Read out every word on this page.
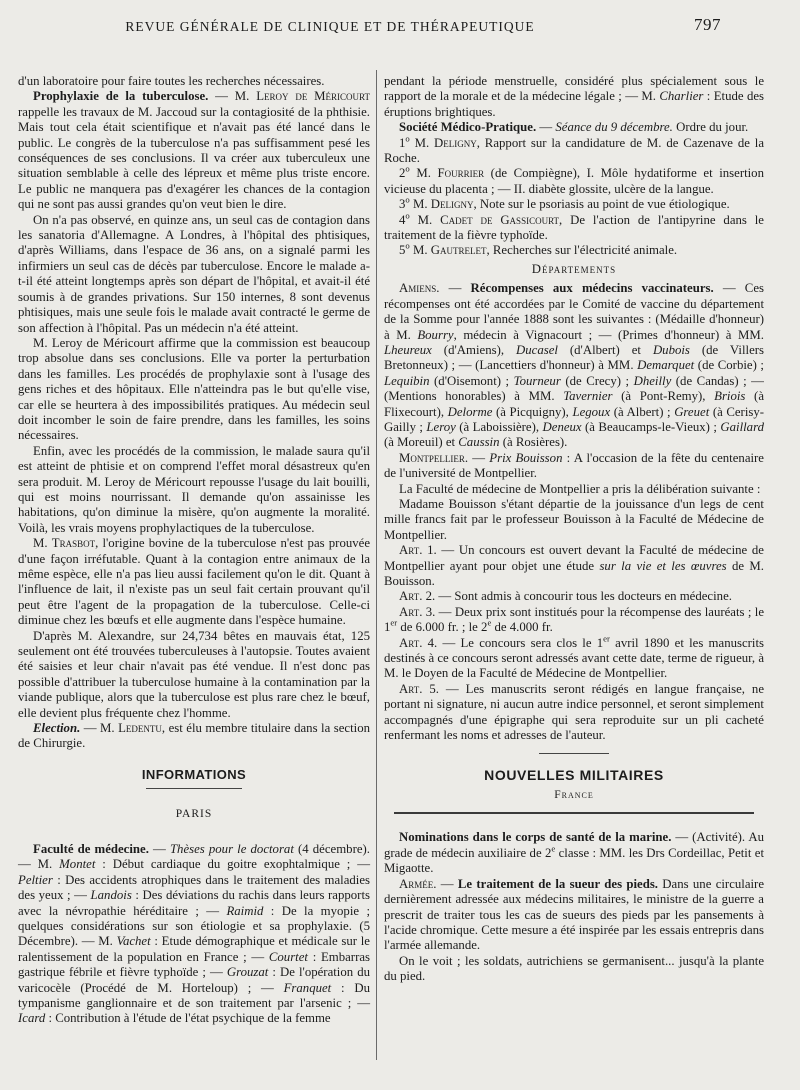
REVUE GÉNÉRALE DE CLINIQUE ET DE THÉRAPEUTIQUE	797

d'un laboratoire pour faire toutes les recherches nécessaires.

Prophylaxie de la tuberculose. — M. Leroy de Méricourt rappelle les travaux de M. Jaccoud sur la contagiosité de la phthisie. Mais tout cela était scientifique et n'avait pas été lancé dans le public. Le congrès de la tuberculose n'a pas suffisamment pesé les conséquences de ses conclusions. Il va créer aux tuberculeux une situation semblable à celle des lépreux et même plus triste encore. Le public ne manquera pas d'exagérer les chances de la contagion qui ne sont pas aussi grandes qu'on veut bien le dire.

On n'a pas observé, en quinze ans, un seul cas de contagion dans les sanatoria d'Allemagne. A Londres, à l'hôpital des phtisiques, d'après Williams, dans l'espace de 36 ans, on a signalé parmi les infirmiers un seul cas de décès par tuberculose. Encore le malade a-t-il été atteint longtemps après son départ de l'hôpital, et avait-il été soumis à de grandes privations. Sur 150 internes, 8 sont devenus phtisiques, mais une seule fois le malade avait contracté le germe de son affection à l'hôpital. Pas un médecin n'a été atteint.

M. Leroy de Méricourt affirme que la commission est beaucoup trop absolue dans ses conclusions. Elle va porter la perturbation dans les familles. Les procédés de prophylaxie sont à l'usage des gens riches et des hôpitaux. Elle n'atteindra pas le but qu'elle vise, car elle se heurtera à des impossibilités pratiques. Au médecin seul doit incomber le soin de faire prendre, dans les familles, les soins nécessaires.

Enfin, avec les procédés de la commission, le malade saura qu'il est atteint de phtisie et on comprend l'effet moral désastreux qu'en sera produit. M. Leroy de Méricourt repousse l'usage du lait bouilli, qui est moins nourrissant. Il demande qu'on assainisse les habitations, qu'on diminue la misère, qu'on augmente la moralité. Voilà, les vrais moyens prophylactiques de la tuberculose.

M. Trasbot, l'origine bovine de la tuberculose n'est pas prouvée d'une façon irréfutable. Quant à la contagion entre animaux de la même espèce, elle n'a pas lieu aussi facilement qu'on le dit. Quant à l'influence de lait, il n'existe pas un seul fait certain prouvant qu'il peut être l'agent de la propagation de la tuberculose. Celle-ci diminue chez les bœufs et elle augmente dans l'espèce humaine.

D'après M. Alexandre, sur 24,734 bêtes en mauvais état, 125 seulement ont été trouvées tuberculeuses à l'autopsie. Toutes avaient été saisies et leur chair n'avait pas été vendue. Il n'est donc pas possible d'attribuer la tuberculose humaine à la contamination par la viande publique, alors que la tuberculose est plus rare chez le bœuf, elle devient plus fréquente chez l'homme.

Election. — M. Ledentu, est élu membre titulaire dans la section de Chirurgie.

INFORMATIONS
PARIS

Faculté de médecine. — Thèses pour le doctorat (4 décembre). — M. Montet : Début cardiaque du goitre exophtalmique ; — Peltier : Des accidents atrophiques dans le traitement des maladies des yeux ; — Landois : Des déviations du rachis dans leurs rapports avec la névropathie héréditaire ; — Raimid : De la myopie ; quelques considérations sur son étiologie et sa prophylaxie. (5 Décembre). — M. Vachet : Etude démographique et médicale sur le ralentissement de la population en France ; — Courtet : Embarras gastrique fébrile et fièvre typhoïde ; — Grouzat : De l'opération du varicocèle (Procédé de M. Horteloup) ; — Franquet : Du tympanisme ganglionnaire et de son traitement par l'arsenic ; — Icard : Contribution à l'étude de l'état psychique de la femme

pendant la période menstruelle, considéré plus spécialement sous le rapport de la morale et de la médecine légale ; — M. Charlier : Etude des éruptions brightiques.

Société Médico-Pratique. — Séance du 9 décembre. Ordre du jour.

1$^o$ M. Deligny, Rapport sur la candidature de M. de Cazenave de la Roche.

2$^o$ M. Fourrier (de Compiègne), I. Môle hydatiforme et insertion vicieuse du placenta ; — II. diabète glossite, ulcère de la langue.

3$^o$ M. Deligny, Note sur le psoriasis au point de vue étiologique.

4$^o$ M. Cadet de Gassicourt, De l'action de l'antipyrine dans le traitement de la fièvre typhoïde.

5$^o$ M. Gautrelet, Recherches sur l'électricité animale.

Départements

Amiens. — Récompenses aux médecins vaccinateurs. — Ces récompenses ont été accordées par le Comité de vaccine du département de la Somme pour l'année 1888 sont les suivantes : (Médaille d'honneur) à M. Bourry, médecin à Vignacourt ; — (Primes d'honneur) à MM. Lheureux (d'Amiens), Ducasel (d'Albert) et Dubois (de Villers Bretonneux) ; — (Lancettiers d'honneur) à MM. Demarquet (de Corbie) ; Lequibin (d'Oisemont) ; Tourneur (de Crecy) ; Dheilly (de Candas) ; — (Mentions honorables) à MM. Tavernier (à Pont-Remy), Briois (à Flixecourt), Delorme (à Picquigny), Legoux (à Albert) ; Greuet (à Cerisy-Gailly ; Leroy (à Laboissière), Deneux (à Beaucamps-le-Vieux) ; Gaillard (à Moreuil) et Caussin (à Rosières).

Montpellier. — Prix Bouisson : A l'occasion de la fête du centenaire de l'université de Montpellier.

La Faculté de médecine de Montpellier a pris la délibération suivante :

Madame Bouisson s'étant départie de la jouissance d'un legs de cent mille francs fait par le professeur Bouisson à la Faculté de Médecine de Montpellier.

Art. 1. — Un concours est ouvert devant la Faculté de médecine de Montpellier ayant pour objet une étude sur la vie et les œuvres de M. Bouisson.

Art. 2. — Sont admis à concourir tous les docteurs en médecine.

Art. 3. — Deux prix sont institués pour la récompense des lauréats ; le 1er de 6.000 fr. ; le 2e de 4.000 fr.

Art. 4. — Le concours sera clos le 1er avril 1890 et les manuscrits destinés à ce concours seront adressés avant cette date, terme de rigueur, à M. le Doyen de la Faculté de Médecine de Montpellier.

Art. 5. — Les manuscrits seront rédigés en langue française, ne portant ni signature, ni aucun autre indice personnel, et seront simplement accompagnés d'une épigraphe qui sera reproduite sur un pli cacheté renfermant les noms et adresses de l'auteur.

NOUVELLES MILITAIRES
France

Nominations dans le corps de santé de la marine. — (Activité). Au grade de médecin auxiliaire de 2e classe : MM. les Drs Cordeillac, Petit et Migaotte.

Armée. — Le traitement de la sueur des pieds. Dans une circulaire dernièrement adressée aux médecins militaires, le ministre de la guerre a prescrit de traiter tous les cas de sueurs des pieds par les pansements à l'acide chromique. Cette mesure a été inspirée par les essais entrepris dans l'armée allemande.

On le voit ; les soldats, autrichiens se germanisent... jusqu'à la plante du pied.
